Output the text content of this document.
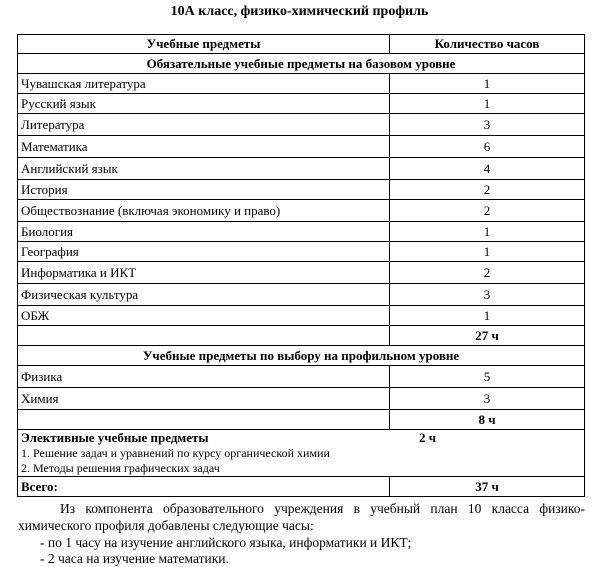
10А класс, физико-химический профиль
Учебные предметы	Количество часов
Обязательные учебные предметы на базовом уровне	
Чувашская литература	1
Русский язык	1
Литература	3
Математика	6
Английский язык	4
История	2
Обществознание (включая экономику и право)	2
Биология	1
География	1
Информатика и ИКТ	2
Физическая культура	3
ОБЖ	1
	27 ч
Учебные предметы по выбору на профильном уровне	
Физика	5
Химия	3
	8 ч

Элективные учебные предметы 2 ч
1. Решение задач и уравнений по курсу органической химии
2. Методы решения графических задач	

Всего:	37 ч
Из компонента образовательного учреждения в учебный план 10 класса физико-химического профиля добавлены следующие часы:
- по 1 часу на изучение английского языка, информатики и ИКТ;
- 2 часа на изучение математики.
